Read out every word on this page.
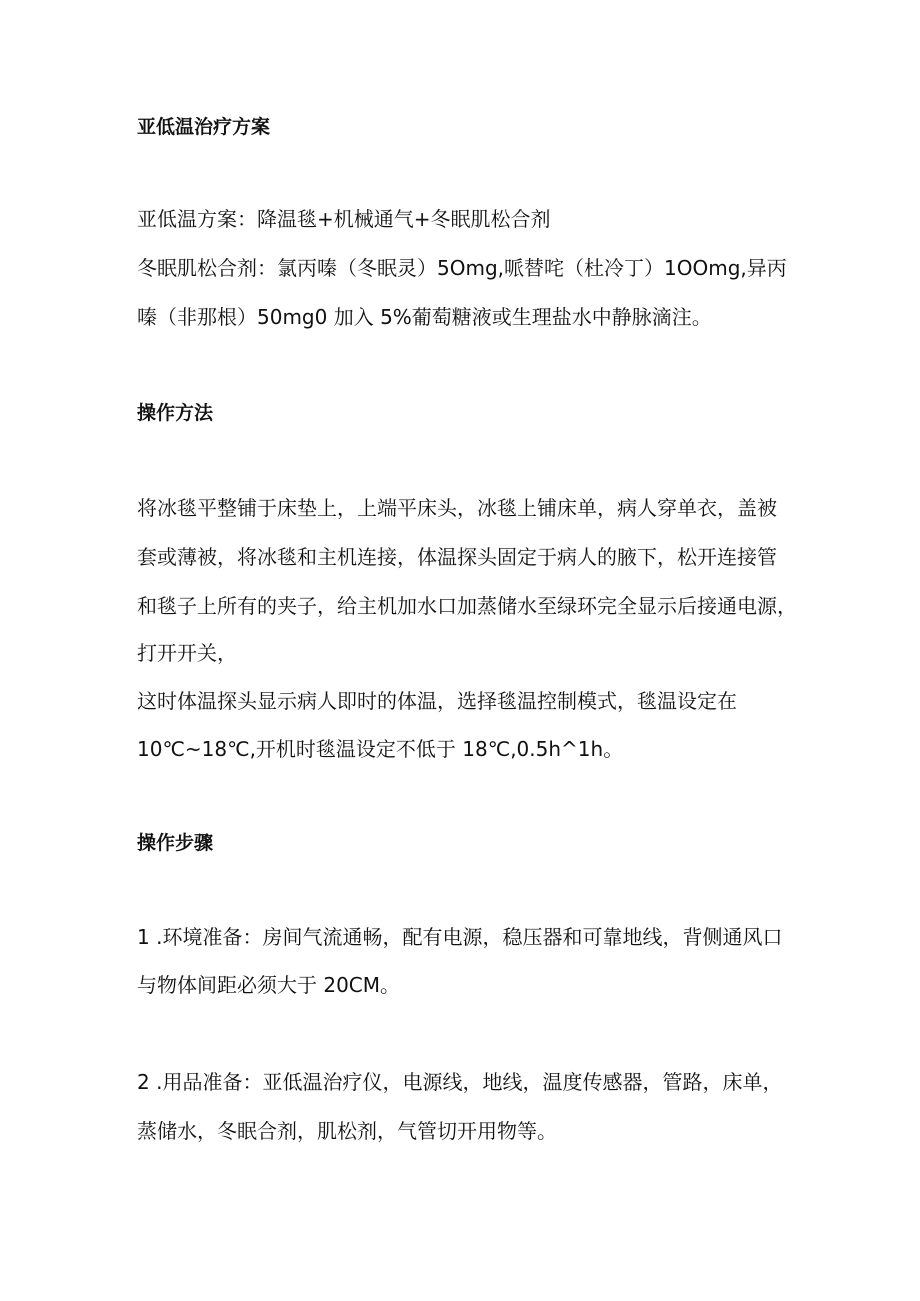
亚低温治疗方案
亚低温方案：降温毯+机械通气+冬眠肌松合剂
冬眠肌松合剂：氯丙嗪（冬眠灵）5Omg,哌替咤（杜冷丁）1OOmg,异丙
嗪（非那根）50mg0 加入 5%葡萄糖液或生理盐水中静脉滴注。
操作方法
将冰毯平整铺于床垫上，上端平床头，冰毯上铺床单，病人穿单衣，盖被
套或薄被，将冰毯和主机连接，体温探头固定于病人的腋下，松开连接管
和毯子上所有的夹子，给主机加水口加蒸储水至绿环完全显示后接通电源，
打开开关，
这时体温探头显示病人即时的体温，选择毯温控制模式，毯温设定在
10℃~18℃,开机时毯温设定不低于 18℃,0.5h^1h。
操作步骤
1 .环境准备：房间气流通畅，配有电源，稳压器和可靠地线，背侧通风口
与物体间距必须大于 20CM。
2 .用品准备：亚低温治疗仪，电源线，地线，温度传感器，管路，床单，
蒸储水，冬眠合剂，肌松剂，气管切开用物等。
